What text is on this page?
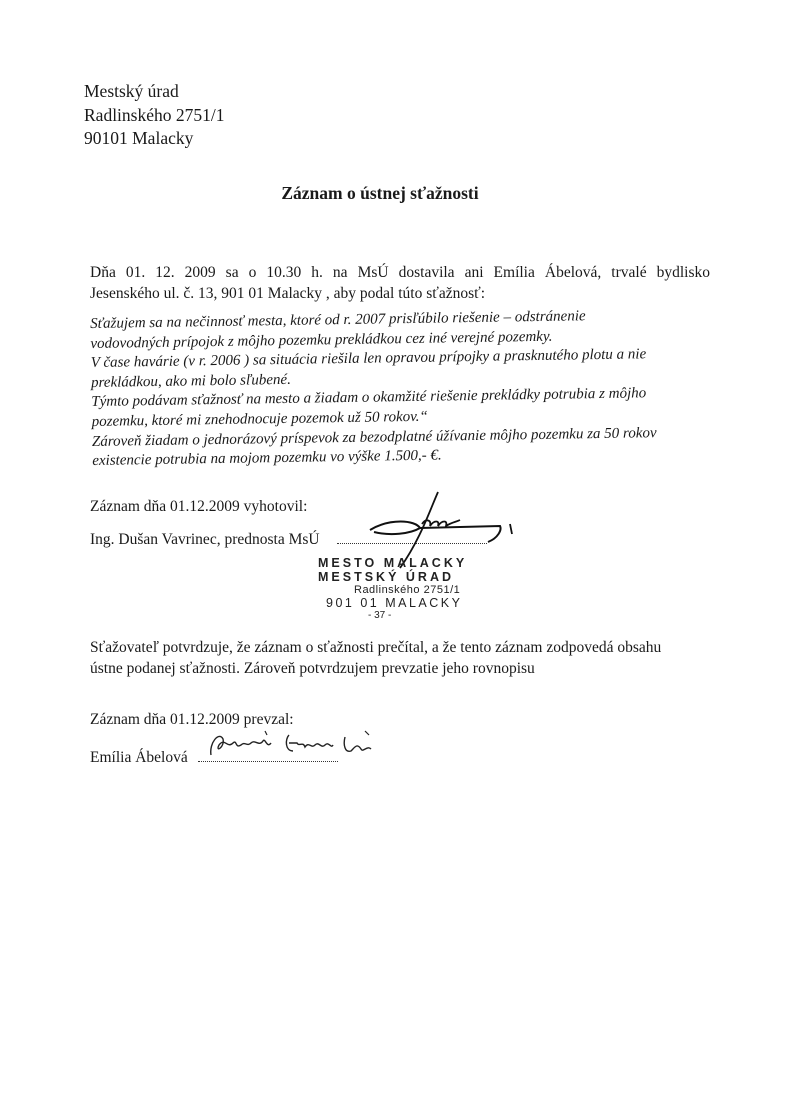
Mestský úrad
Radlinského 2751/1
90101 Malacky
Záznam o ústnej sťažnosti
Dňa 01. 12. 2009 sa o 10.30 h. na MsÚ dostavila ani Emília Ábelová, trvalé bydlisko
Jesenského ul. č. 13, 901 01 Malacky , aby podal túto sťažnosť:
Sťažujem sa na nečinnosť mesta, ktoré od r. 2007 prisľúbilo riešenie – odstránenie
vodovodných prípojok z môjho pozemku prekládkou cez iné verejné pozemky.
V čase havárie (v r. 2006 ) sa situácia riešila len opravou prípojky a prasknutého plotu a nie
prekládkou, ako mi bolo sľubené.
Týmto podávam sťažnosť na mesto a žiadam o okamžité riešenie prekládky potrubia z môjho
pozemku, ktoré mi znehodnocuje pozemok už 50 rokov.“
Zároveň žiadam o jednorázový príspevok za bezodplatné úžívanie môjho pozemku za 50 rokov
existencie potrubia na mojom pozemku vo výške 1.500,- €.
Záznam dňa 01.12.2009 vyhotovil:
Ing. Dušan Vavrinec, prednosta MsÚ
MESTO MALACKY
MESTSKÝ ÚRAD
Radlinského 2751/1
901 01 MALACKY
- 37 -
Sťažovateľ potvrdzuje, že záznam o sťažnosti prečítal, a že tento záznam zodpovedá obsahu
ústne podanej sťažnosti. Zároveň potvrdzujem prevzatie jeho rovnopisu
Záznam dňa 01.12.2009 prevzal:
Emília Ábelová
